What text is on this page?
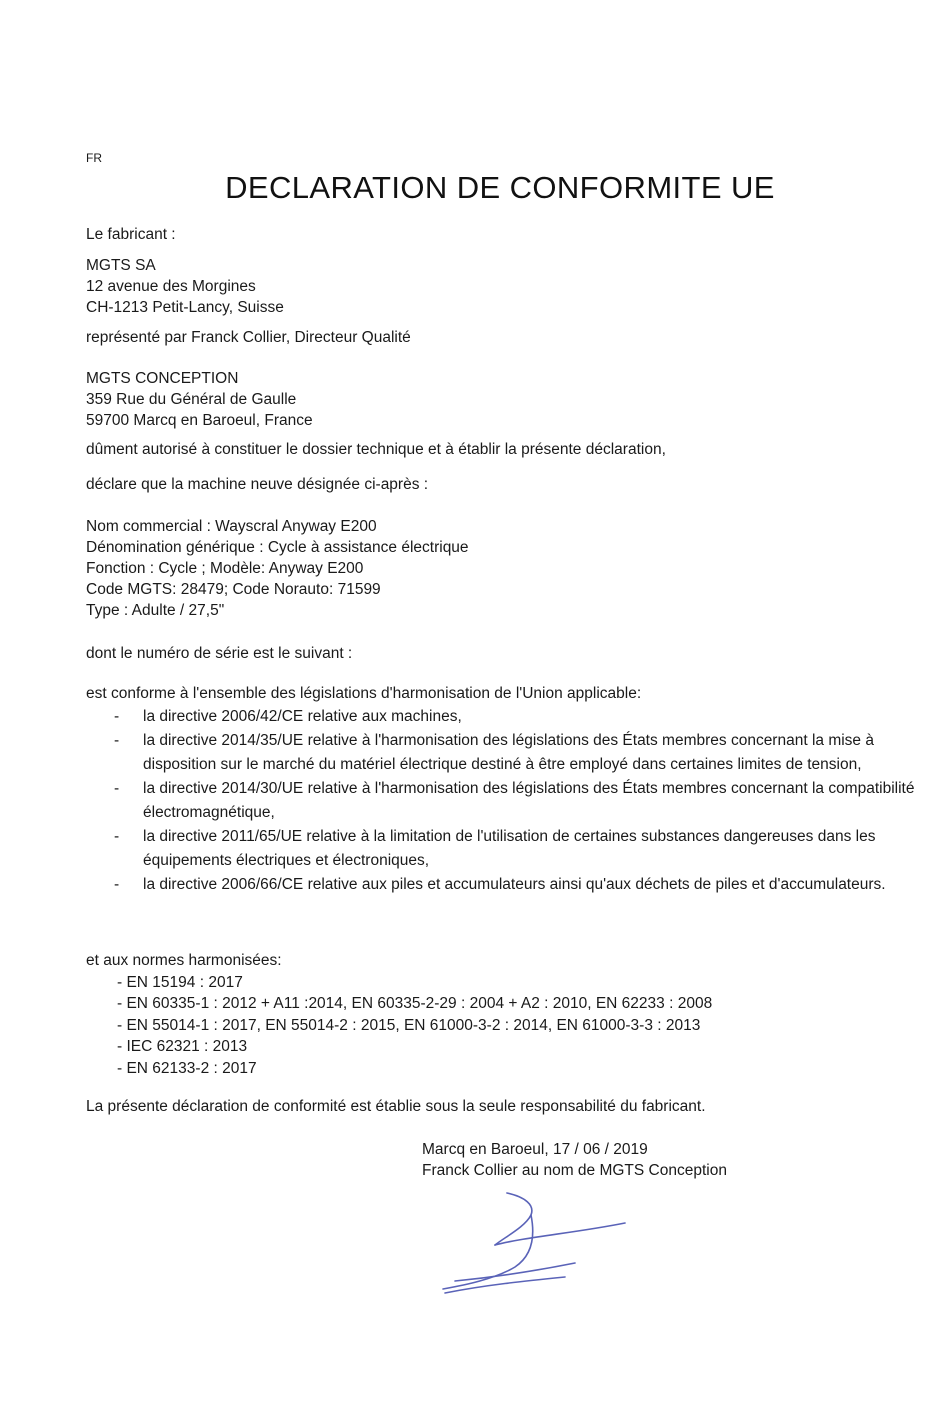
FR
DECLARATION DE CONFORMITE UE
Le fabricant :
MGTS SA
12 avenue des Morgines
CH-1213 Petit-Lancy, Suisse
représenté par Franck Collier, Directeur Qualité
MGTS CONCEPTION
359 Rue du Général de Gaulle
59700 Marcq en Baroeul, France
dûment autorisé à constituer le dossier technique et à établir la présente déclaration,
déclare que la machine neuve désignée ci-après :
Nom commercial : Wayscral Anyway E200
Dénomination générique : Cycle à assistance électrique
Fonction : Cycle ; Modèle: Anyway E200
Code MGTS: 28479; Code Norauto: 71599
Type : Adulte / 27,5"
dont le numéro de série est le suivant :
est conforme à l'ensemble des législations d'harmonisation de l'Union applicable:

- la directive 2006/42/CE relative aux machines,

- la directive 2014/35/UE relative à l'harmonisation des législations des États membres concernant la mise à disposition sur le marché du matériel électrique destiné à être employé dans certaines limites de tension,

- la directive 2014/30/UE relative à l'harmonisation des législations des États membres concernant la compatibilité électromagnétique,

- la directive 2011/65/UE relative à la limitation de l'utilisation de certaines substances dangereuses dans les équipements électriques et électroniques,

- la directive 2006/66/CE relative aux piles et accumulateurs ainsi qu'aux déchets de piles et d'accumulateurs.

et aux normes harmonisées:
- EN 15194 : 2017
- EN 60335-1 : 2012 + A11 :2014, EN 60335-2-29 : 2004 + A2 : 2010, EN 62233 : 2008
- EN 55014-1 : 2017, EN 55014-2 : 2015, EN 61000-3-2 : 2014, EN 61000-3-3 : 2013
- IEC 62321 : 2013
- EN 62133-2 : 2017
La présente déclaration de conformité est établie sous la seule responsabilité du fabricant.
Marcq en Baroeul, 17 / 06 / 2019
Franck Collier au nom de MGTS Conception
